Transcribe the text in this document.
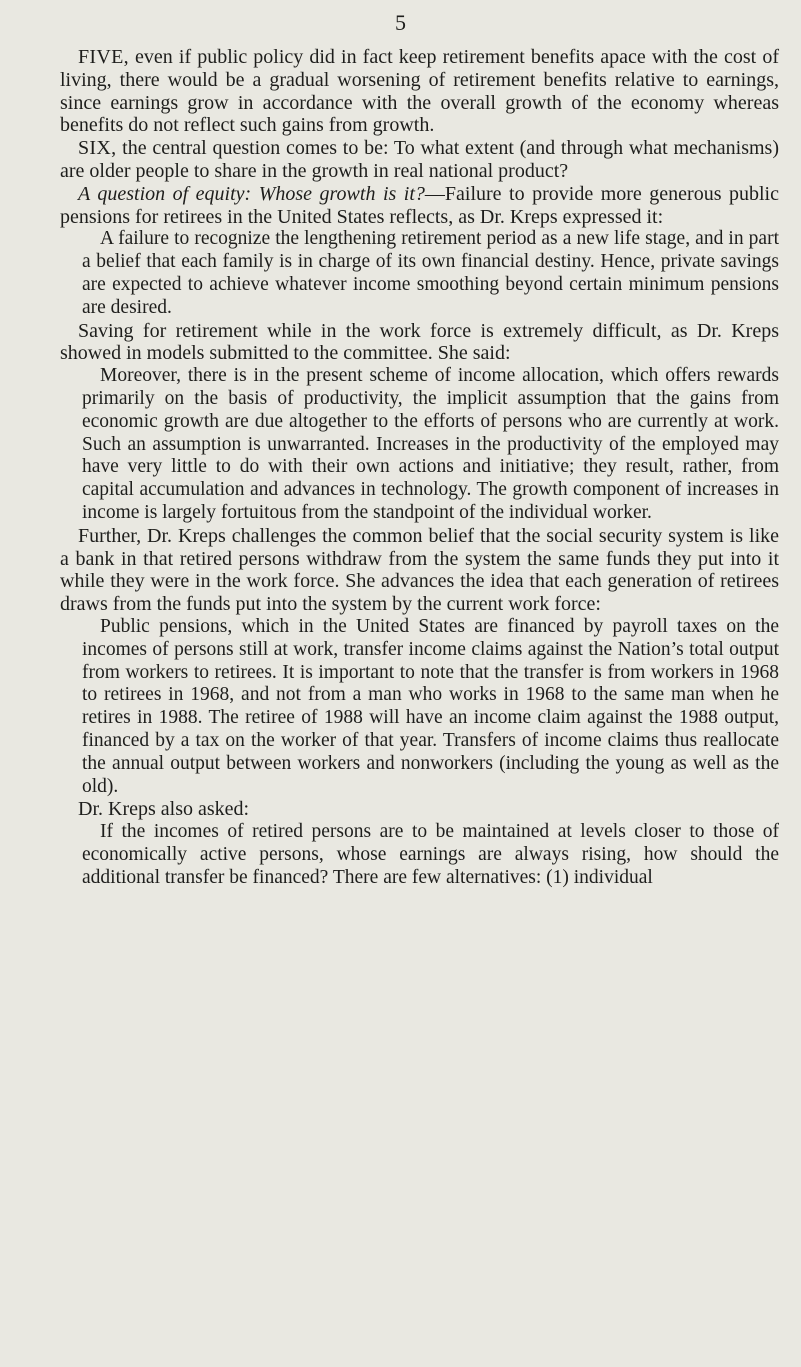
5

FIVE, even if public policy did in fact keep retirement benefits apace with the cost of living, there would be a gradual worsening of retirement benefits relative to earnings, since earnings grow in accordance with the overall growth of the economy whereas benefits do not reflect such gains from growth.

SIX, the central question comes to be: To what extent (and through what mechanisms) are older people to share in the growth in real national product?

A question of equity: Whose growth is it?—Failure to provide more generous public pensions for retirees in the United States reflects, as Dr. Kreps expressed it:

A failure to recognize the lengthening retirement period as a new life stage, and in part a belief that each family is in charge of its own financial destiny. Hence, private savings are expected to achieve whatever income smoothing beyond certain minimum pensions are desired.

Saving for retirement while in the work force is extremely difficult, as Dr. Kreps showed in models submitted to the committee. She said:

Moreover, there is in the present scheme of income allocation, which offers rewards primarily on the basis of productivity, the implicit assumption that the gains from economic growth are due altogether to the efforts of persons who are currently at work. Such an assumption is unwarranted. Increases in the productivity of the employed may have very little to do with their own actions and initiative; they result, rather, from capital accumulation and advances in technology. The growth component of increases in income is largely fortuitous from the standpoint of the individual worker.

Further, Dr. Kreps challenges the common belief that the social security system is like a bank in that retired persons withdraw from the system the same funds they put into it while they were in the work force. She advances the idea that each generation of retirees draws from the funds put into the system by the current work force:

Public pensions, which in the United States are financed by payroll taxes on the incomes of persons still at work, transfer income claims against the Nation’s total output from workers to retirees. It is important to note that the transfer is from workers in 1968 to retirees in 1968, and not from a man who works in 1968 to the same man when he retires in 1988. The retiree of 1988 will have an income claim against the 1988 output, financed by a tax on the worker of that year. Transfers of income claims thus reallocate the annual output between workers and nonworkers (including the young as well as the old).

Dr. Kreps also asked:

If the incomes of retired persons are to be maintained at levels closer to those of economically active persons, whose earnings are always rising, how should the additional transfer be financed? There are few alternatives: (1) individual
